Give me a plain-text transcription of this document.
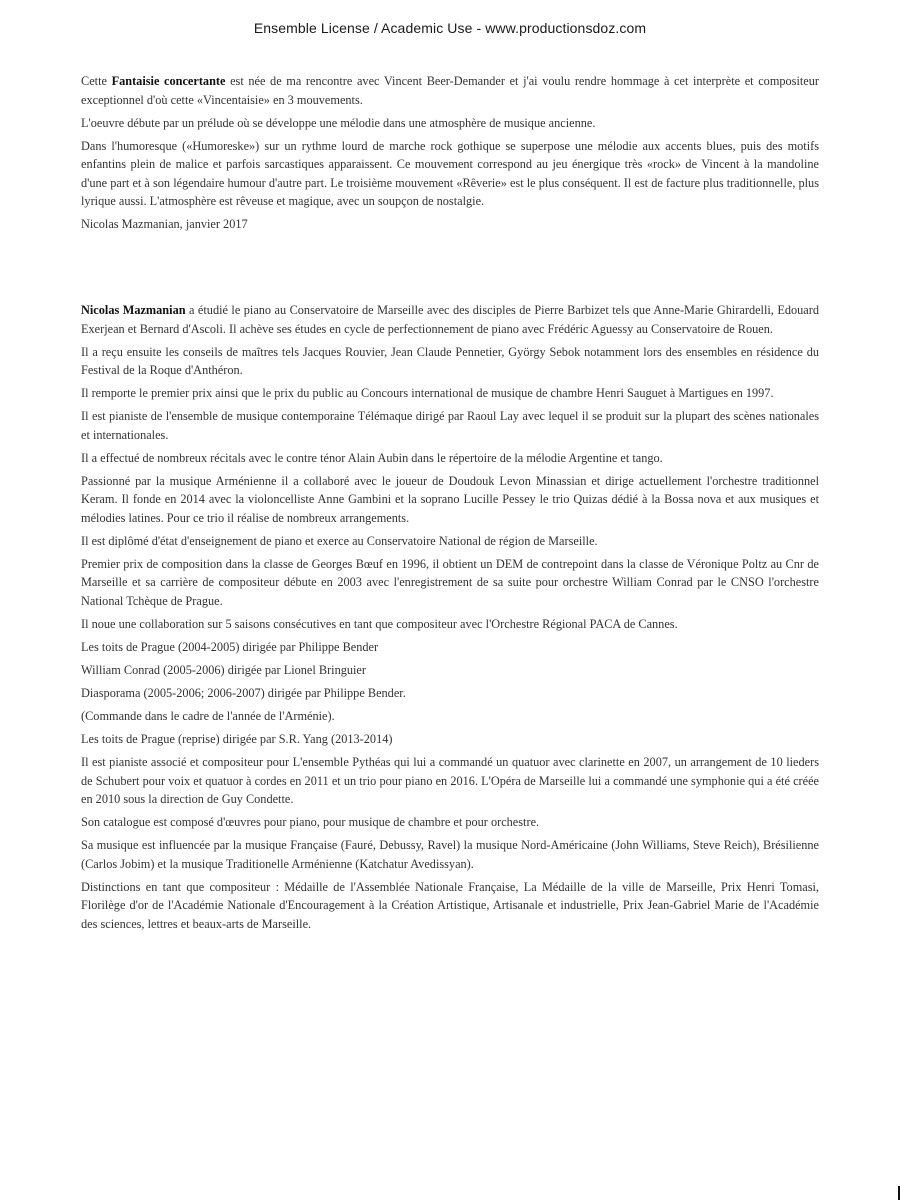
Ensemble License / Academic Use - www.productionsdoz.com

Cette Fantaisie concertante est née de ma rencontre avec Vincent Beer-Demander et j'ai voulu rendre hommage à cet interprète et compositeur exceptionnel d'où cette «Vincentaisie» en 3 mouvements.

L'oeuvre débute par un prélude où se développe une mélodie dans une atmosphère de musique ancienne.

Dans l'humoresque («Humoreske») sur un rythme lourd de marche rock gothique se superpose une mélodie aux accents blues, puis des motifs enfantins plein de malice et parfois sarcastiques apparaissent. Ce mouvement correspond au jeu énergique très «rock» de Vincent à la mandoline d'une part et à son légendaire humour d'autre part. Le troisième mouvement «Rêverie» est le plus conséquent. Il est de facture plus traditionnelle, plus lyrique aussi. L'atmosphère est rêveuse et magique, avec un soupçon de nostalgie.

Nicolas Mazmanian, janvier 2017

Nicolas Mazmanian a étudié le piano au Conservatoire de Marseille avec des disciples de Pierre Barbizet tels que Anne-Marie Ghirardelli, Edouard Exerjean et Bernard d'Ascoli. Il achève ses études en cycle de perfectionnement de piano avec Frédéric Aguessy au Conservatoire de Rouen.

Il a reçu ensuite les conseils de maîtres tels Jacques Rouvier, Jean Claude Pennetier, György Sebok notamment lors des ensembles en résidence du Festival de la Roque d'Anthéron.

Il remporte le premier prix ainsi que le prix du public au Concours international de musique de chambre Henri Sauguet à Martigues en 1997.

Il est pianiste de l'ensemble de musique contemporaine Télémaque dirigé par Raoul Lay avec lequel il se produit sur la plupart des scènes nationales et internationales.

Il a effectué de nombreux récitals avec le contre ténor Alain Aubin dans le répertoire de la mélodie Argentine et tango.

Passionné par la musique Arménienne il a collaboré avec le joueur de Doudouk Levon Minassian et dirige actuellement l'orchestre traditionnel Keram. Il fonde en 2014 avec la violoncelliste Anne Gambini et la soprano Lucille Pessey le trio Quizas dédié à la Bossa nova et aux musiques et mélodies latines. Pour ce trio il réalise de nombreux arrangements.

Il est diplômé d'état d'enseignement de piano et exerce au Conservatoire National de région de Marseille.

Premier prix de composition dans la classe de Georges Bœuf en 1996, il obtient un DEM de contrepoint dans la classe de Véronique Poltz au Cnr de Marseille et sa carrière de compositeur débute en 2003 avec l'enregistrement de sa suite pour orchestre William Conrad par le CNSO l'orchestre National Tchèque de Prague.

Il noue une collaboration sur 5 saisons consécutives en tant que compositeur avec l'Orchestre Régional PACA de Cannes.

Les toits de Prague (2004-2005) dirigée par Philippe Bender

William Conrad (2005-2006) dirigée par Lionel Bringuier

Diasporama (2005-2006; 2006-2007) dirigée par Philippe Bender.

(Commande dans le cadre de l'année de l'Arménie).

Les toits de Prague (reprise) dirigée par S.R. Yang (2013-2014)

Il est pianiste associé et compositeur pour L'ensemble Pythéas qui lui a commandé un quatuor avec clarinette en 2007, un arrangement de 10 lieders de Schubert pour voix et quatuor à cordes en 2011 et un trio pour piano en 2016. L'Opéra de Marseille lui a commandé une symphonie qui a été créée en 2010 sous la direction de Guy Condette.

Son catalogue est composé d'œuvres pour piano, pour musique de chambre et pour orchestre.

Sa musique est influencée par la musique Française (Fauré, Debussy, Ravel) la musique Nord-Américaine (John Williams, Steve Reich), Brésilienne (Carlos Jobim) et la musique Traditionelle Arménienne (Katchatur Avedissyan).

Distinctions en tant que compositeur : Médaille de l'Assemblée Nationale Française, La Médaille de la ville de Marseille, Prix Henri Tomasi, Florilège d'or de l'Académie Nationale d'Encouragement à la Création Artistique, Artisanale et industrielle, Prix Jean-Gabriel Marie de l'Académie des sciences, lettres et beaux-arts de Marseille.
